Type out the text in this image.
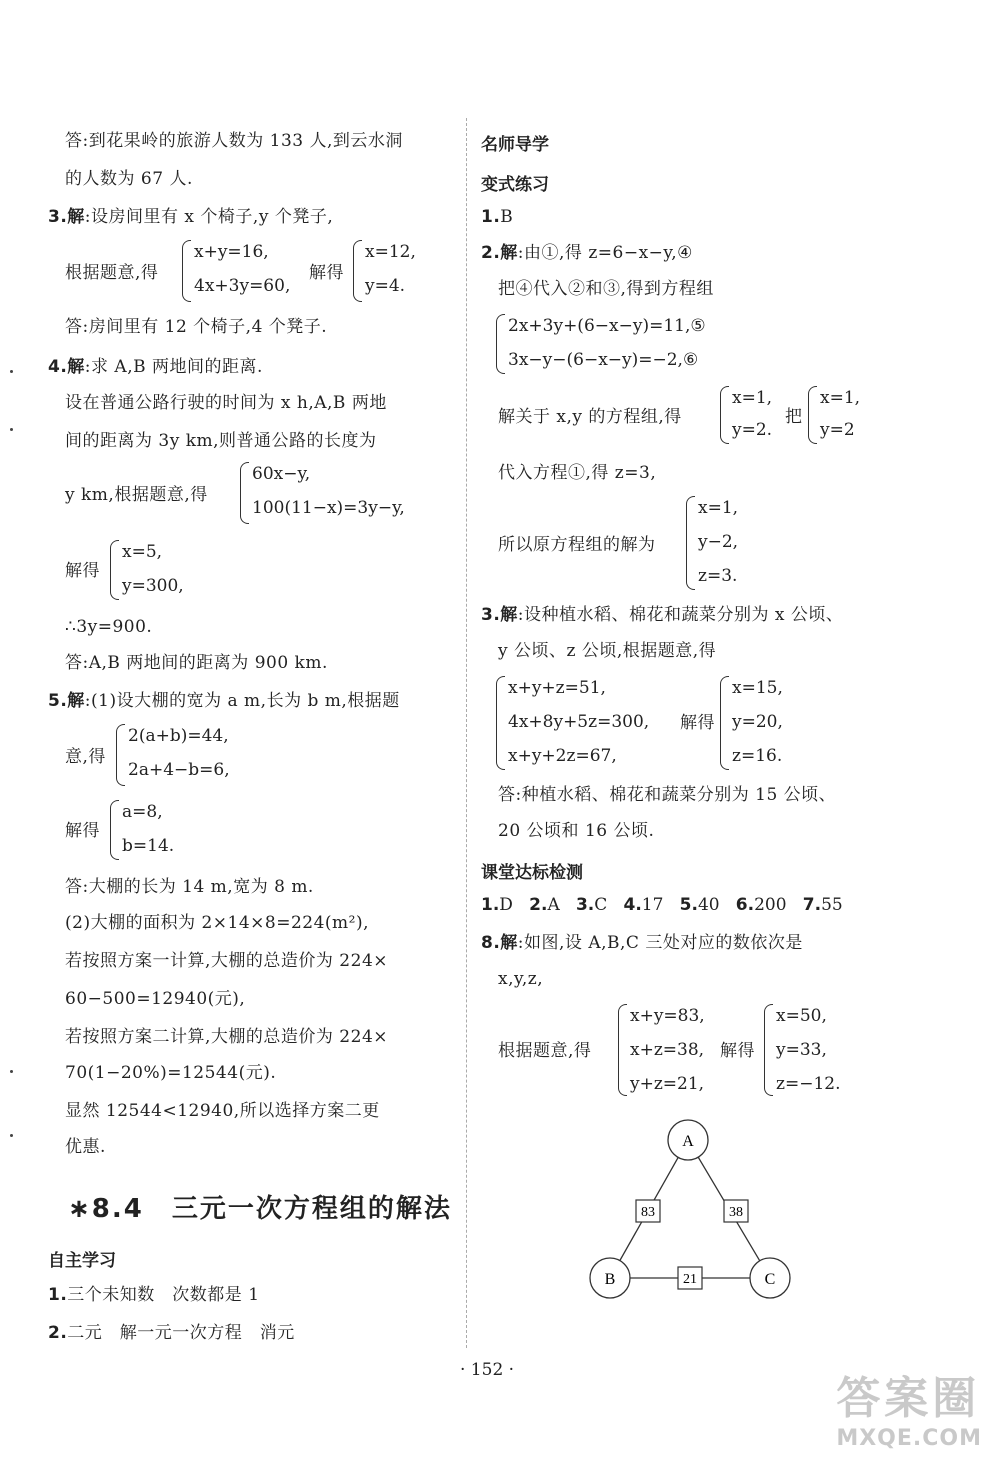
答:到花果岭的旅游人数为 133 人,到云水洞
的人数为 67 人.
3.解:设房间里有 x 个椅子,y 个凳子,
根据题意,得
x+y=16,
4x+3y=60,
解得
x=12,
y=4.
答:房间里有 12 个椅子,4 个凳子.
4.解:求 A,B 两地间的距离.
设在普通公路行驶的时间为 x h,A,B 两地
间的距离为 3y km,则普通公路的长度为
y km,根据题意,得
60x−y,
100(11−x)=3y−y,
解得
x=5,
y=300,
∴3y=900.
答:A,B 两地间的距离为 900 km.
5.解:(1)设大棚的宽为 a m,长为 b m,根据题
意,得
2(a+b)=44,
2a+4−b=6,
解得
a=8,
b=14.
答:大棚的长为 14 m,宽为 8 m.
(2)大棚的面积为 2×14×8=224(m²),
若按照方案一计算,大棚的总造价为 224×
60−500=12940(元),
若按照方案二计算,大棚的总造价为 224×
70(1−20%)=12544(元).
显然 12544<12940,所以选择方案二更
优惠.
∗8.4　三元一次方程组的解法
自主学习
1.三个未知数　次数都是 1
2.二元　解一元一次方程　消元
名师导学
变式练习
1.B
2.解:由①,得 z=6−x−y,④
把④代入②和③,得到方程组
2x+3y+(6−x−y)=11,⑤
3x−y−(6−x−y)=−2,⑥
解关于 x,y 的方程组,得
x=1,
y=2.
把
x=1,
y=2
代入方程①,得 z=3,
所以原方程组的解为
x=1,
y−2,
z=3.
3.解:设种植水稻、棉花和蔬菜分别为 x 公顷、
y 公顷、z 公顷,根据题意,得
x+y+z=51,
4x+8y+5z=300,
x+y+2z=67,
解得
x=15,
y=20,
z=16.
答:种植水稻、棉花和蔬菜分别为 15 公顷、
20 公顷和 16 公顷.
课堂达标检测
1.D 2.A 3.C 4.17 5.40 6.200 7.55
8.解:如图,设 A,B,C 三处对应的数依次是
x,y,z,
根据题意,得
x+y=83,
x+z=38,
y+z=21,
解得
x=50,
y=33,
z=−12.
A
B	C
83	38
21
· 152 ·
答案圈
MXQE.COM
